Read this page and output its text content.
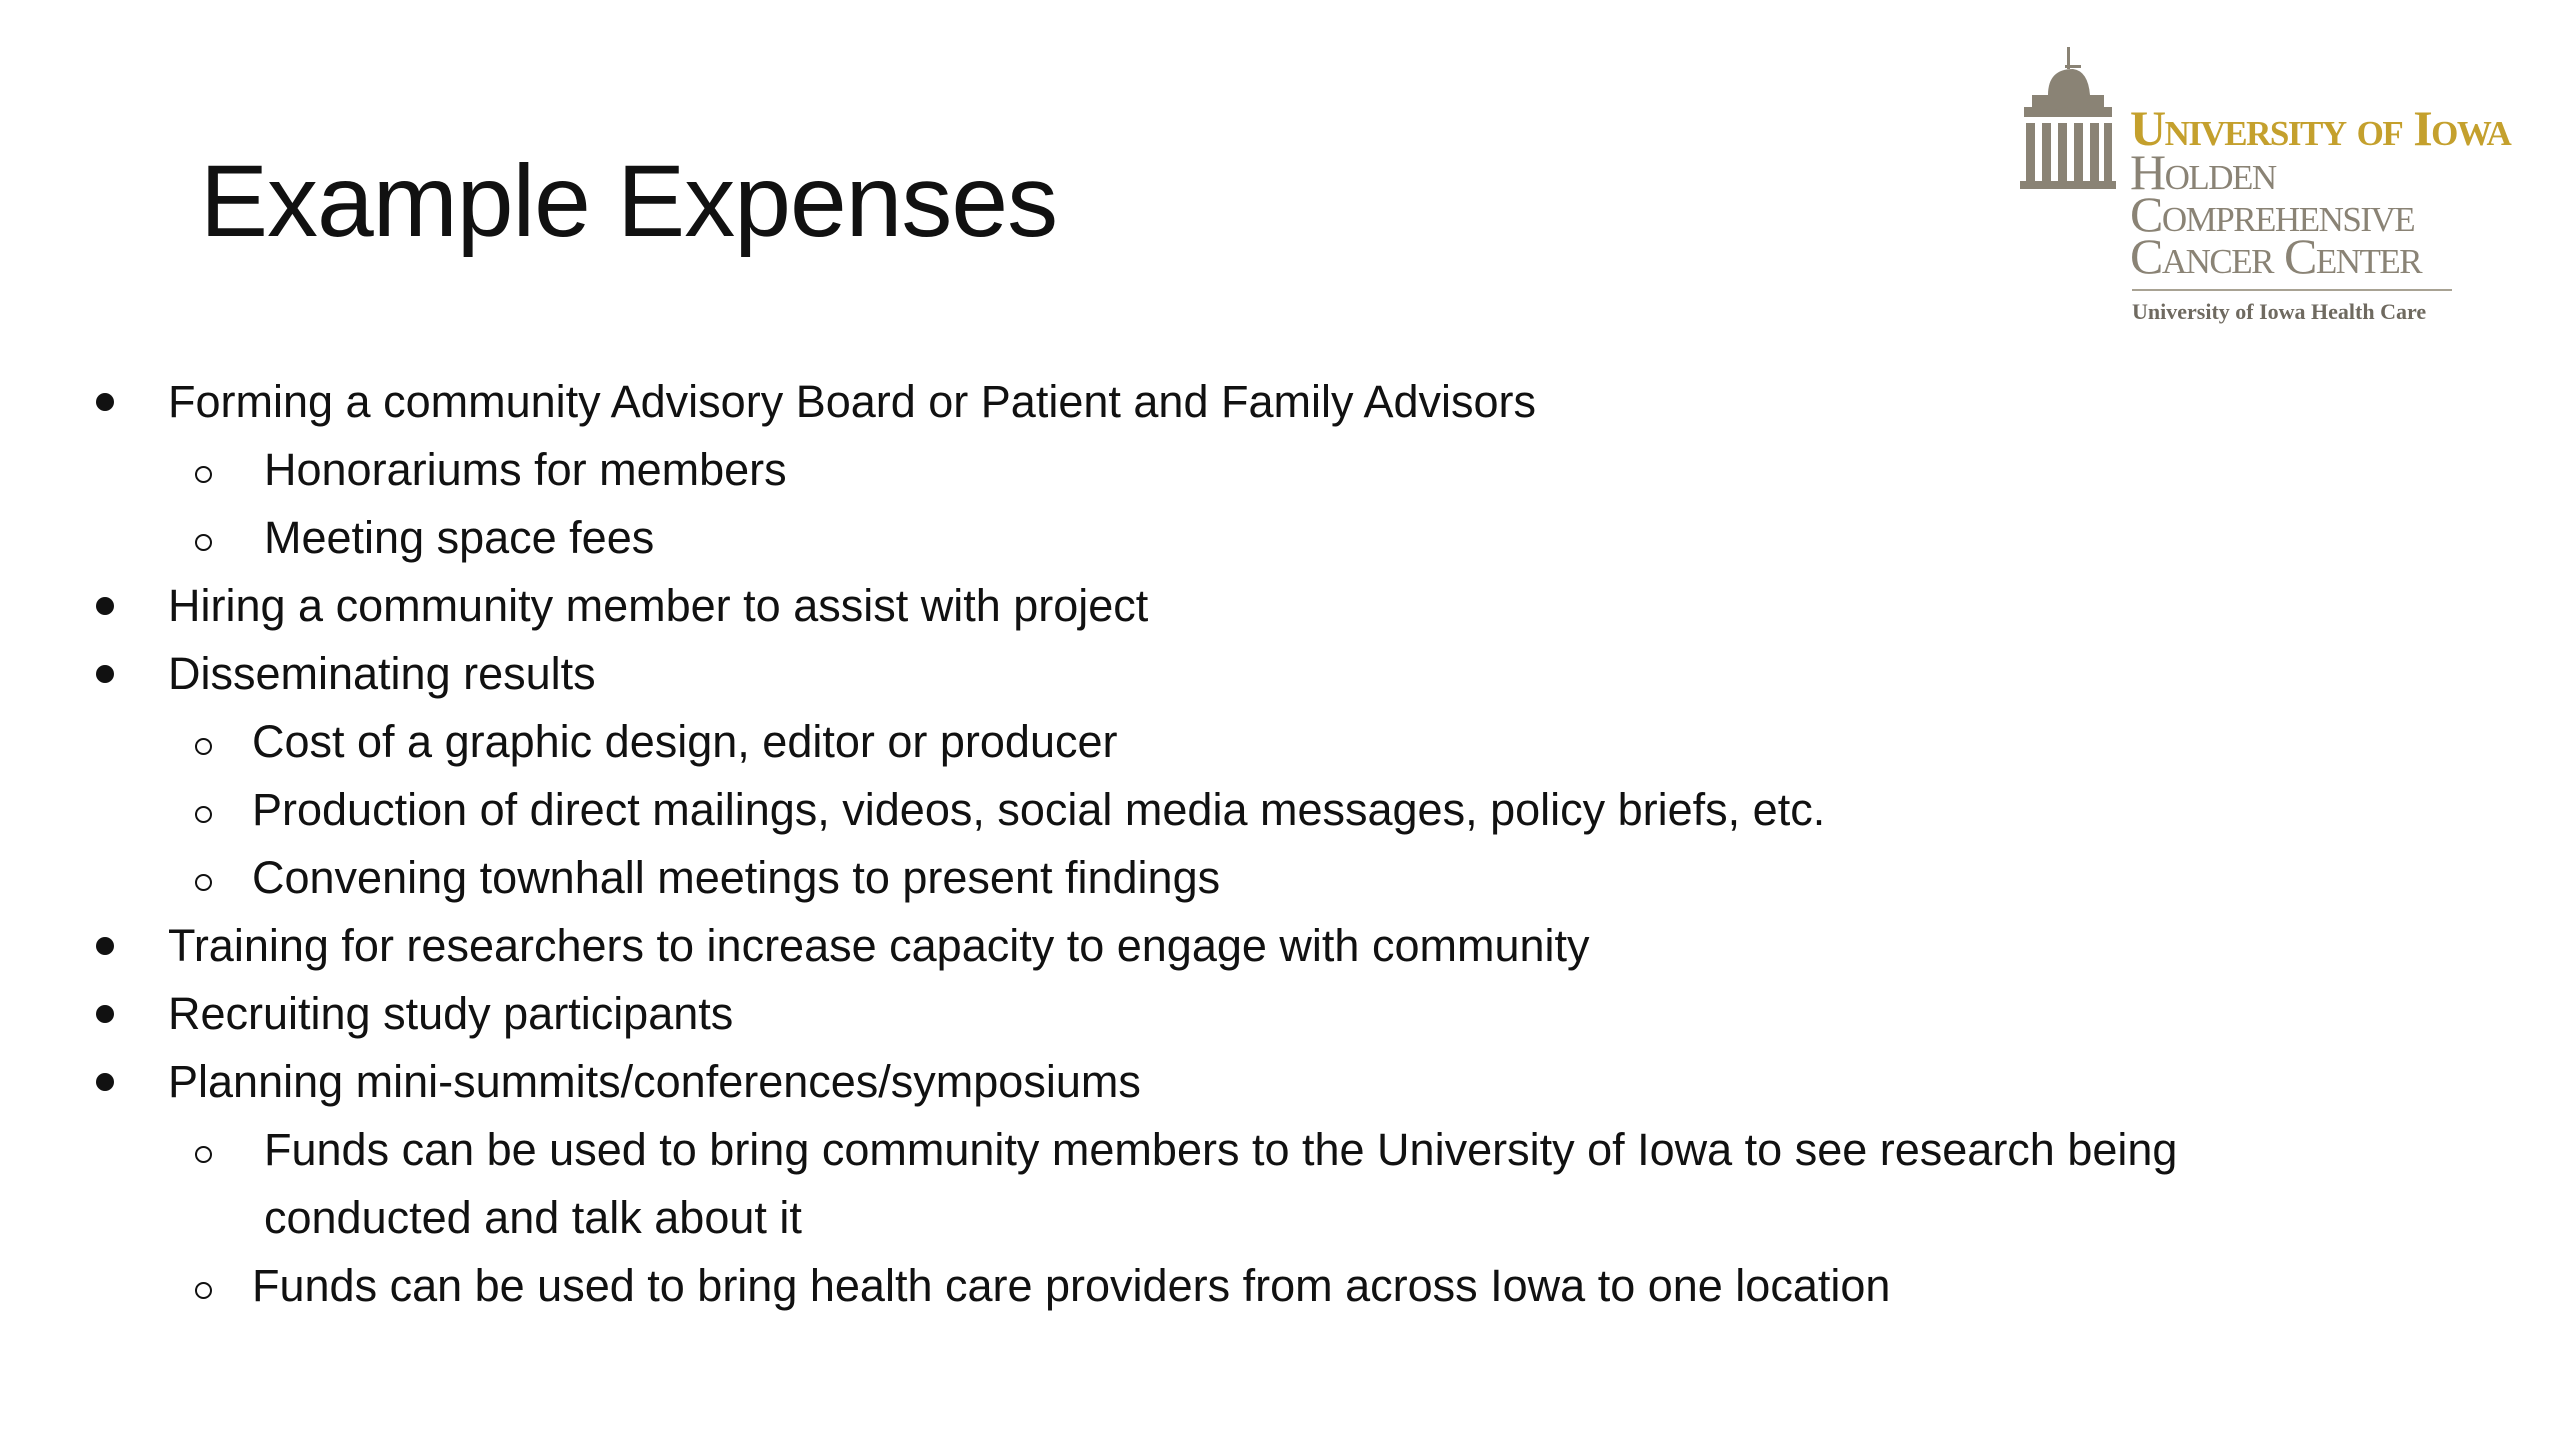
Example Expenses
University of Iowa
Holden
Comprehensive
Cancer Center
University of Iowa Health Care
Forming a community Advisory Board or Patient and Family Advisors
Honorariums for members
Meeting space fees
Hiring a community member to assist with project
Disseminating results
Cost of a graphic design, editor or producer
Production of direct mailings, videos, social media messages, policy briefs, etc.
Convening townhall meetings to present findings
Training for researchers to increase capacity to engage with community
Recruiting study participants
Planning mini-summits/conferences/symposiums
Funds can be used to bring community members to the University of Iowa to see research being
conducted and talk about it
Funds can be used to bring health care providers from across Iowa to one location
